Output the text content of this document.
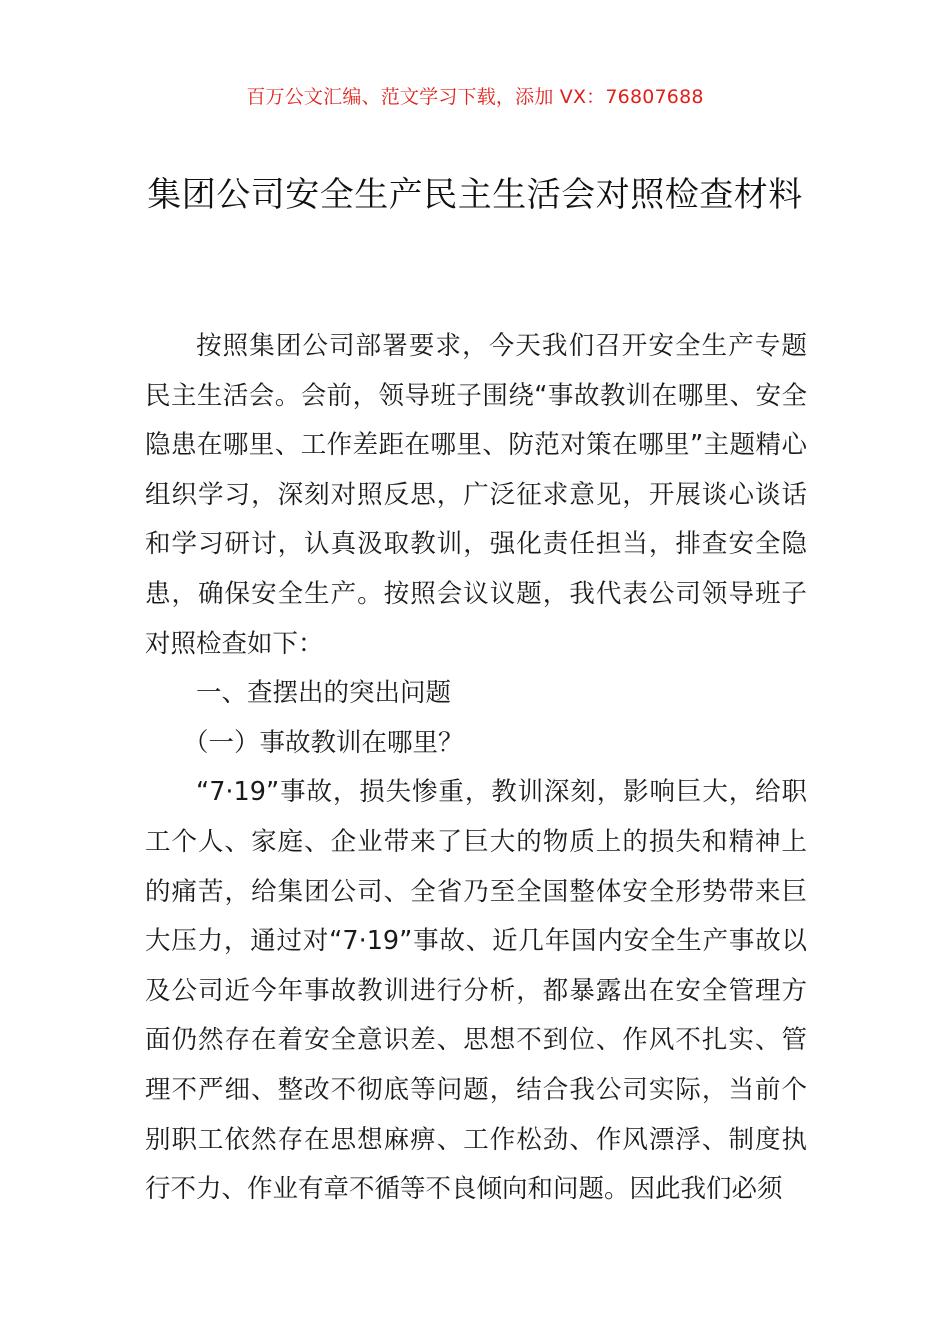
百万公文汇编、范文学习下载，添加 VX：76807688
集团公司安全生产民主生活会对照检查材料

按照集团公司部署要求，今天我们召开安全生产专题民主生活会。会前，领导班子围绕“事故教训在哪里、安全隐患在哪里、工作差距在哪里、防范对策在哪里”主题精心组织学习，深刻对照反思，广泛征求意见，开展谈心谈话和学习研讨，认真汲取教训，强化责任担当，排查安全隐患，确保安全生产。按照会议议题，我代表公司领导班子对照检查如下：

一、查摆出的突出问题

（一）事故教训在哪里？

“7·19”事故，损失惨重，教训深刻，影响巨大，给职工个人、家庭、企业带来了巨大的物质上的损失和精神上的痛苦，给集团公司、全省乃至全国整体安全形势带来巨大压力，通过对“7·19”事故、近几年国内安全生产事故以及公司近今年事故教训进行分析，都暴露出在安全管理方面仍然存在着安全意识差、思想不到位、作风不扎实、管理不严细、整改不彻底等问题，结合我公司实际，当前个别职工依然存在思想麻痹、工作松劲、作风漂浮、制度执行不力、作业有章不循等不良倾向和问题。因此我们必须
